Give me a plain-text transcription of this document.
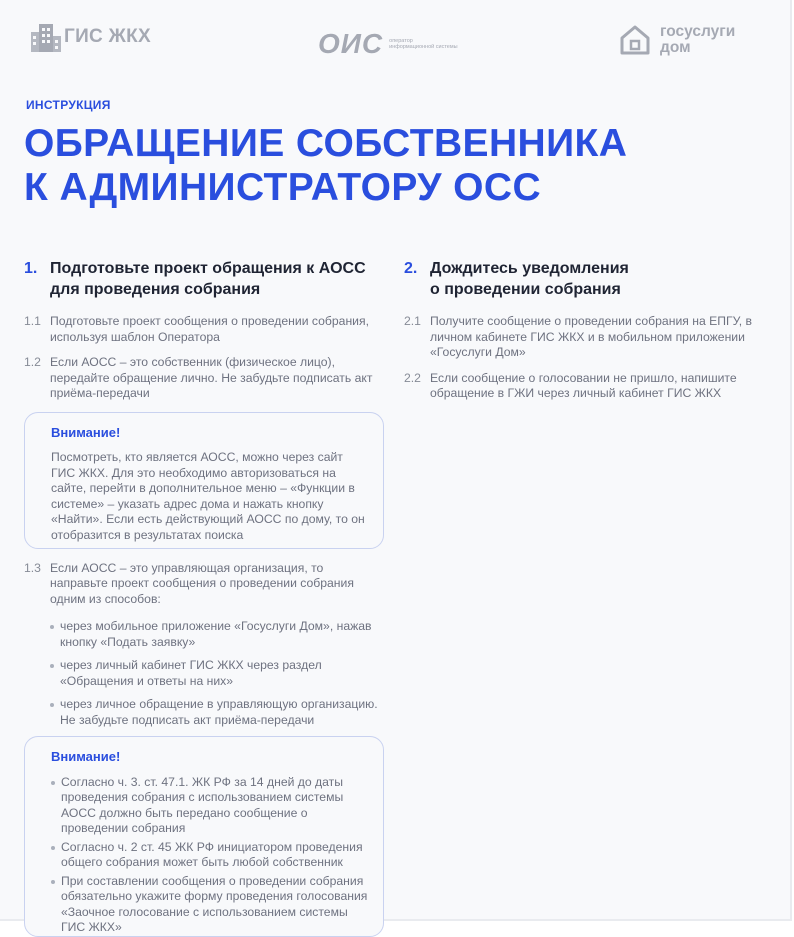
ГИС ЖКХ	ОИС оператор информационной системы
госуслуги
дом
ИНСТРУКЦИЯ
ОБРАЩЕНИЕ СОБСТВЕННИКА
К АДМИНИСТРАТОРУ ОСС
1. Подготовьте проект обращения к АОСС
для проведения собрания
1.1 Подготовьте проект сообщения о проведении собрания, используя шаблон Оператора
1.2 Если АОСС – это собственник (физическое лицо), передайте обращение лично. Не забудьте подписать акт приёма-передачи
Внимание!
Посмотреть, кто является АОСС, можно через сайт ГИС ЖКХ. Для это необходимо авторизоваться на сайте, перейти в дополнительное меню – «Функции в системе» – указать адрес дома и нажать кнопку «Найти». Если есть действующий АОСС по дому, то он отобразится в результатах поиска
1.3 Если АОСС – это управляющая организация, то направьте проект сообщения о проведении собрания одним из способов:
через мобильное приложение «Госуслуги Дом», нажав кнопку «Подать заявку»
через личный кабинет ГИС ЖКХ через раздел «Обращения и ответы на них»
через личное обращение в управляющую организацию. Не забудьте подписать акт приёма-передачи
Внимание!
Согласно ч. 3. ст. 47.1. ЖК РФ за 14 дней до даты проведения собрания с использованием системы АОСС должно быть передано сообщение о проведении собрания
Согласно ч. 2 ст. 45 ЖК РФ инициатором проведения общего собрания может быть любой собственник
При составлении сообщения о проведении собрания обязательно укажите форму проведения голосования «Заочное голосование с использованием системы ГИС ЖКХ»
2. Дождитесь уведомления
о проведении собрания
2.1 Получите сообщение о проведении собрания на ЕПГУ, в личном кабинете ГИС ЖКХ и в мобильном приложении «Госуслуги Дом»
2.2 Если сообщение о голосовании не пришло, напишите обращение в ГЖИ через личный кабинет ГИС ЖКХ
